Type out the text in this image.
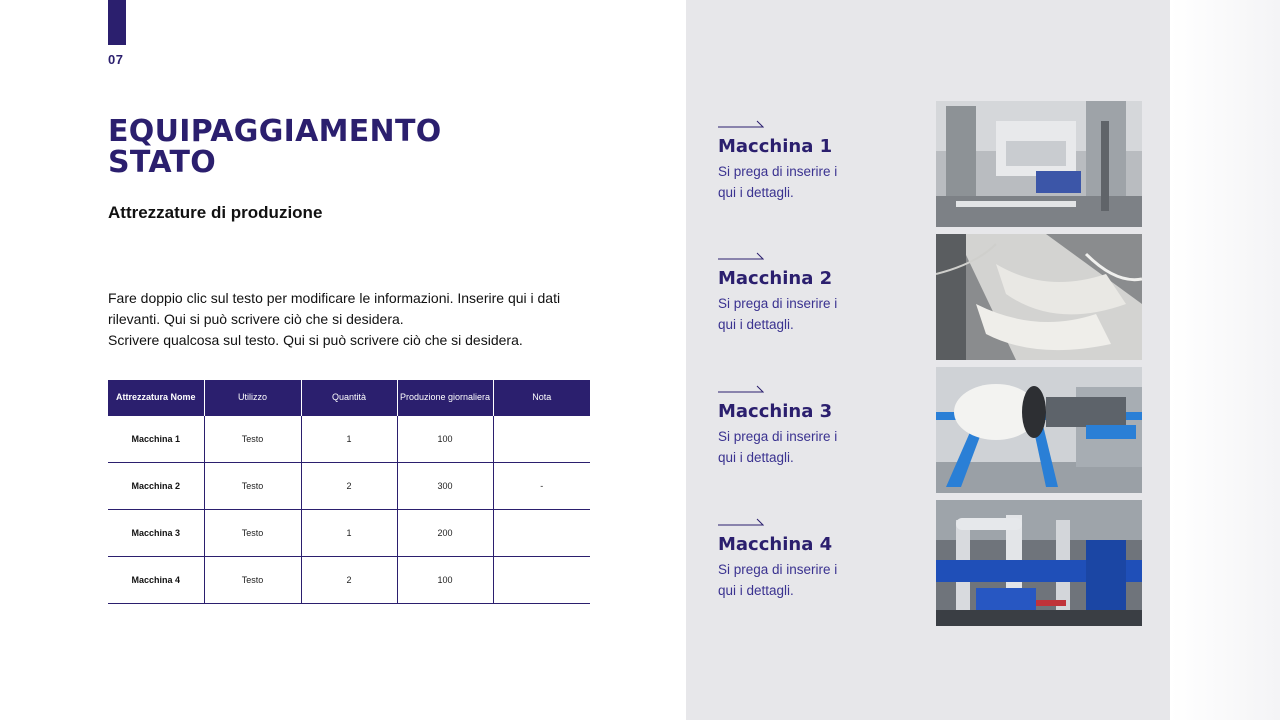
07
EQUIPAGGIAMENTO
STATO
Attrezzature di produzione
Fare doppio clic sul testo per modificare le informazioni. Inserire qui i dati rilevanti. Qui si può scrivere ciò che si desidera.
Scrivere qualcosa sul testo. Qui si può scrivere ciò che si desidera.
Attrezzatura Nome	Utilizzo	Quantità	Produzione giornaliera	Nota
Macchina 1	Testo	1	100	
Macchina 2	Testo	2	300	-
Macchina 3	Testo	1	200	
Macchina 4	Testo	2	100	
Macchina 1
Si prega di inserire i qui i dettagli.
Macchina 2
Si prega di inserire i qui i dettagli.
Macchina 3
Si prega di inserire i qui i dettagli.
Macchina 4
Si prega di inserire i qui i dettagli.
